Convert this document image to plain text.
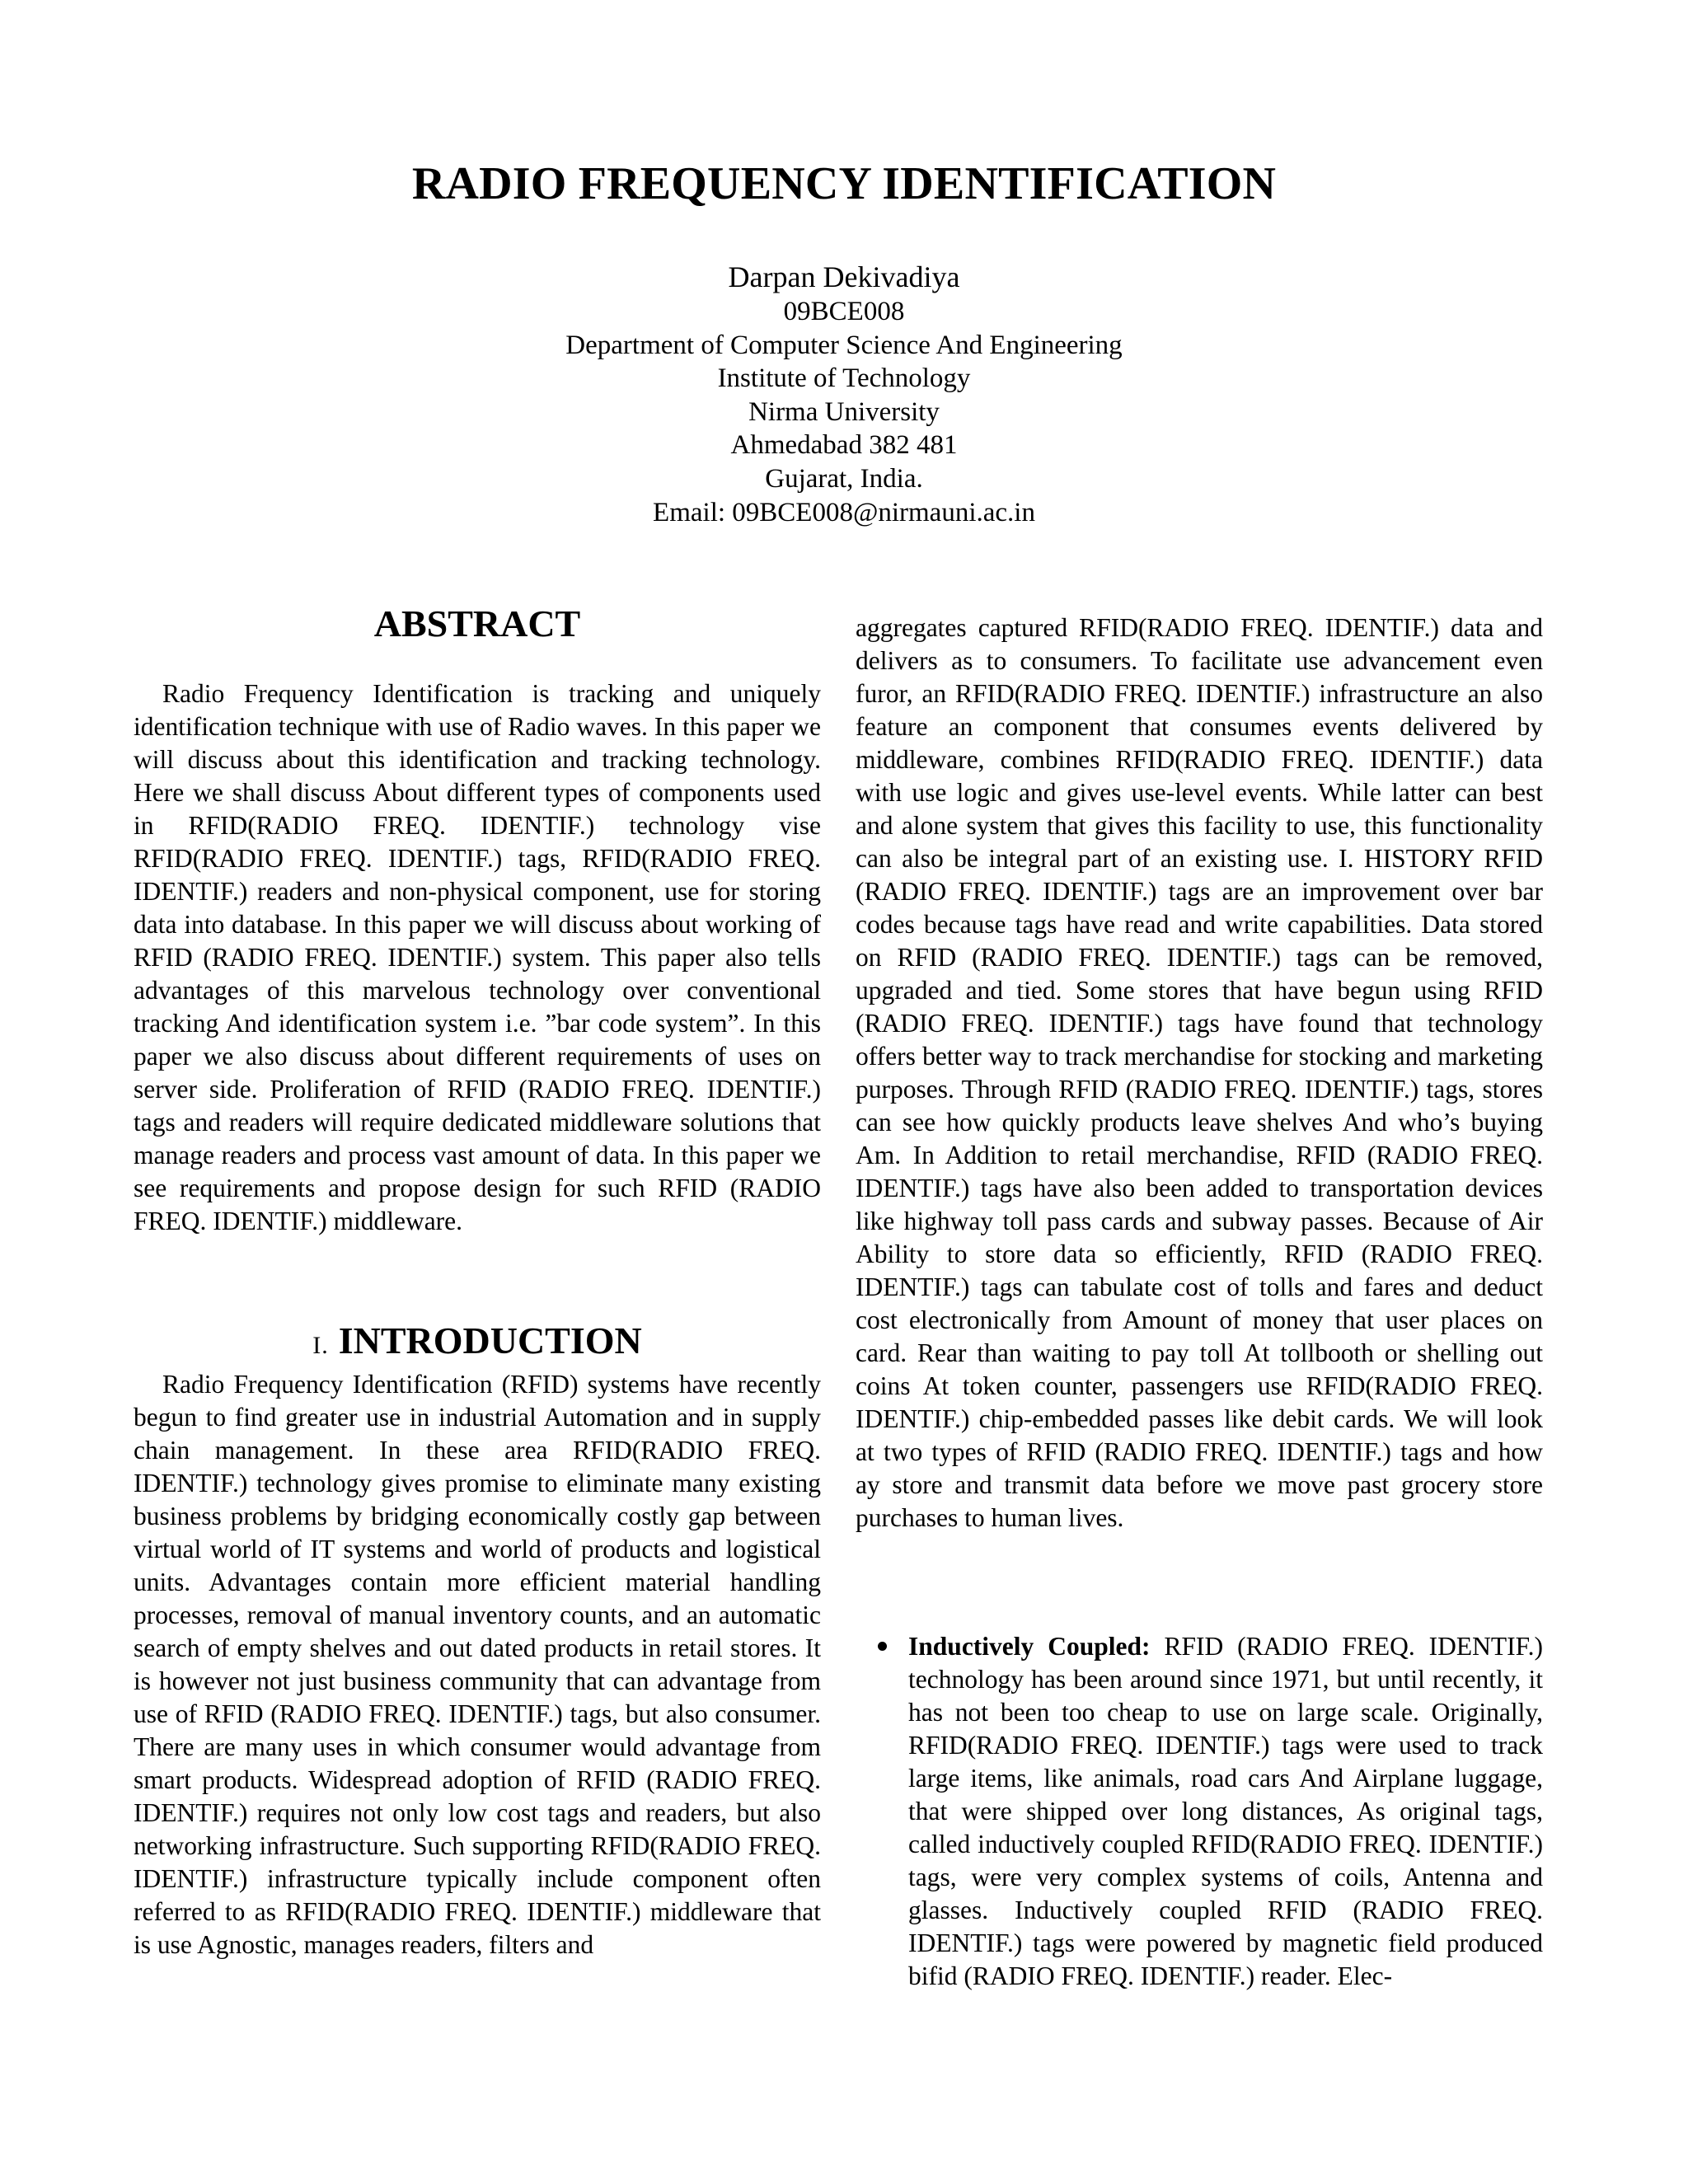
RADIO FREQUENCY IDENTIFICATION
Darpan Dekivadiya
09BCE008
Department of Computer Science And Engineering
Institute of Technology
Nirma University
Ahmedabad 382 481
Gujarat, India.
Email: 09BCE008@nirmauni.ac.in
ABSTRACT

Radio Frequency Identification is tracking and uniquely identification technique with use of Radio waves. In this paper we will discuss about this identification and tracking technology. Here we shall discuss About different types of components used in RFID(RADIO FREQ. IDENTIF.) technology vise RFID(RADIO FREQ. IDENTIF.) tags, RFID(RADIO FREQ. IDENTIF.) readers and non-physical component, use for storing data into database. In this paper we will discuss about working of RFID (RADIO FREQ. IDENTIF.) system. This paper also tells advantages of this marvelous technology over conventional tracking And identification system i.e. ”bar code system”. In this paper we also discuss about different requirements of uses on server side. Proliferation of RFID (RADIO FREQ. IDENTIF.) tags and readers will require dedicated middleware solutions that manage readers and process vast amount of data. In this paper we see requirements and propose design for such RFID (RADIO FREQ. IDENTIF.) middleware.

I. INTRODUCTION

Radio Frequency Identification (RFID) systems have recently begun to find greater use in industrial Automation and in supply chain management. In these area RFID(RADIO FREQ. IDENTIF.) technology gives promise to eliminate many existing business problems by bridging economically costly gap between virtual world of IT systems and world of products and logistical units. Advantages contain more efficient material handling processes, removal of manual inventory counts, and an automatic search of empty shelves and out dated products in retail stores. It is however not just business community that can advantage from use of RFID (RADIO FREQ. IDENTIF.) tags, but also consumer. There are many uses in which consumer would advantage from smart products. Widespread adoption of RFID (RADIO FREQ. IDENTIF.) requires not only low cost tags and readers, but also networking infrastructure. Such supporting RFID(RADIO FREQ. IDENTIF.) infrastructure typically include component often referred to as RFID(RADIO FREQ. IDENTIF.) middleware that is use Agnostic, manages readers, filters and

aggregates captured RFID(RADIO FREQ. IDENTIF.) data and delivers as to consumers. To facilitate use advancement even furor, an RFID(RADIO FREQ. IDENTIF.) infrastructure an also feature an component that consumes events delivered by middleware, combines RFID(RADIO FREQ. IDENTIF.) data with use logic and gives use-level events. While latter can best and alone system that gives this facility to use, this functionality can also be integral part of an existing use. I. HISTORY RFID (RADIO FREQ. IDENTIF.) tags are an improvement over bar codes because tags have read and write capabilities. Data stored on RFID (RADIO FREQ. IDENTIF.) tags can be removed, upgraded and tied. Some stores that have begun using RFID (RADIO FREQ. IDENTIF.) tags have found that technology offers better way to track merchandise for stocking and marketing purposes. Through RFID (RADIO FREQ. IDENTIF.) tags, stores can see how quickly products leave shelves And who’s buying Am. In Addition to retail merchandise, RFID (RADIO FREQ. IDENTIF.) tags have also been added to transportation devices like highway toll pass cards and subway passes. Because of Air Ability to store data so efficiently, RFID (RADIO FREQ. IDENTIF.) tags can tabulate cost of tolls and fares and deduct cost electronically from Amount of money that user places on card. Rear than waiting to pay toll At tollbooth or shelling out coins At token counter, passengers use RFID(RADIO FREQ. IDENTIF.) chip-embedded passes like debit cards. We will look at two types of RFID (RADIO FREQ. IDENTIF.) tags and how ay store and transmit data before we move past grocery store purchases to human lives.

Inductively Coupled: RFID (RADIO FREQ. IDENTIF.) technology has been around since 1971, but until recently, it has not been too cheap to use on large scale. Originally, RFID(RADIO FREQ. IDENTIF.) tags were used to track large items, like animals, road cars And Airplane luggage, that were shipped over long distances, As original tags, called inductively coupled RFID(RADIO FREQ. IDENTIF.) tags, were very complex systems of coils, Antenna and glasses. Inductively coupled RFID (RADIO FREQ. IDENTIF.) tags were powered by magnetic field produced bifid (RADIO FREQ. IDENTIF.) reader. Elec-
